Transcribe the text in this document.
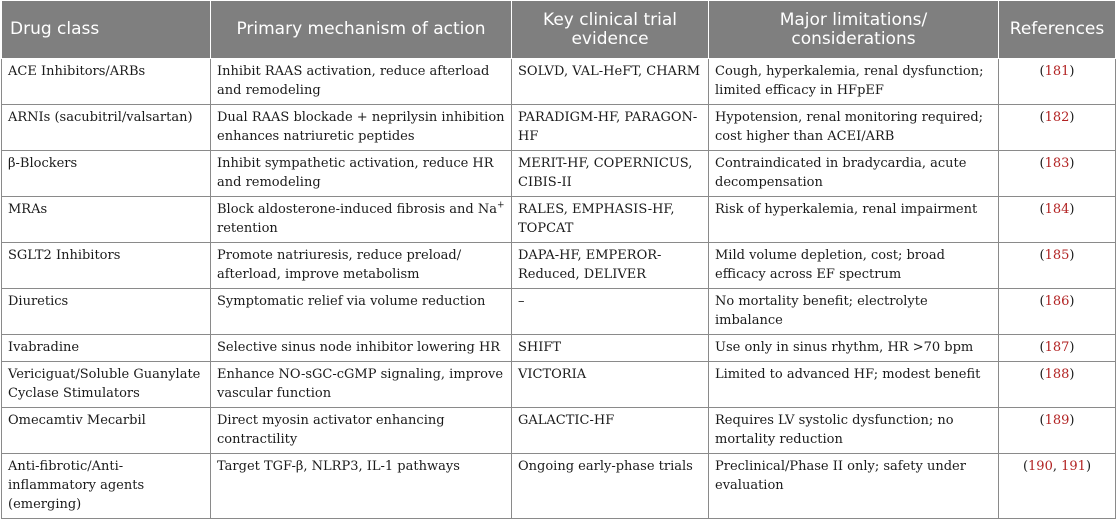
Drug class	Primary mechanism of action	Key clinical trial evidence	Major limitations/ considerations	References
ACE Inhibitors/ARBs	Inhibit RAAS activation, reduce afterload and remodeling	SOLVD, VAL-HeFT, CHARM	Cough, hyperkalemia, renal dysfunction; limited efficacy in HFpEF	(181)
ARNIs (sacubitril/valsartan)	Dual RAAS blockade + neprilysin inhibition enhances natriuretic peptides	PARADIGM-HF, PARAGON-HF	Hypotension, renal monitoring required; cost higher than ACEI/ARB	(182)
β-Blockers	Inhibit sympathetic activation, reduce HR and remodeling	MERIT-HF, COPERNICUS, CIBIS-II	Contraindicated in bradycardia, acute decompensation	(183)
MRAs	Block aldosterone-induced fibrosis and Na+ retention	RALES, EMPHASIS-HF, TOPCAT	Risk of hyperkalemia, renal impairment	(184)
SGLT2 Inhibitors	Promote natriuresis, reduce preload/ afterload, improve metabolism	DAPA-HF, EMPEROR-Reduced, DELIVER	Mild volume depletion, cost; broad efficacy across EF spectrum	(185)
Diuretics	Symptomatic relief via volume reduction	–	No mortality benefit; electrolyte imbalance	(186)
Ivabradine	Selective sinus node inhibitor lowering HR	SHIFT	Use only in sinus rhythm, HR >70 bpm	(187)
Vericiguat/Soluble Guanylate Cyclase Stimulators	Enhance NO-sGC-cGMP signaling, improve vascular function	VICTORIA	Limited to advanced HF; modest benefit	(188)
Omecamtiv Mecarbil	Direct myosin activator enhancing contractility	GALACTIC-HF	Requires LV systolic dysfunction; no mortality reduction	(189)
Anti-fibrotic/Anti-inflammatory agents (emerging)	Target TGF-β, NLRP3, IL-1 pathways	Ongoing early-phase trials	Preclinical/Phase II only; safety under evaluation	(190, 191)
